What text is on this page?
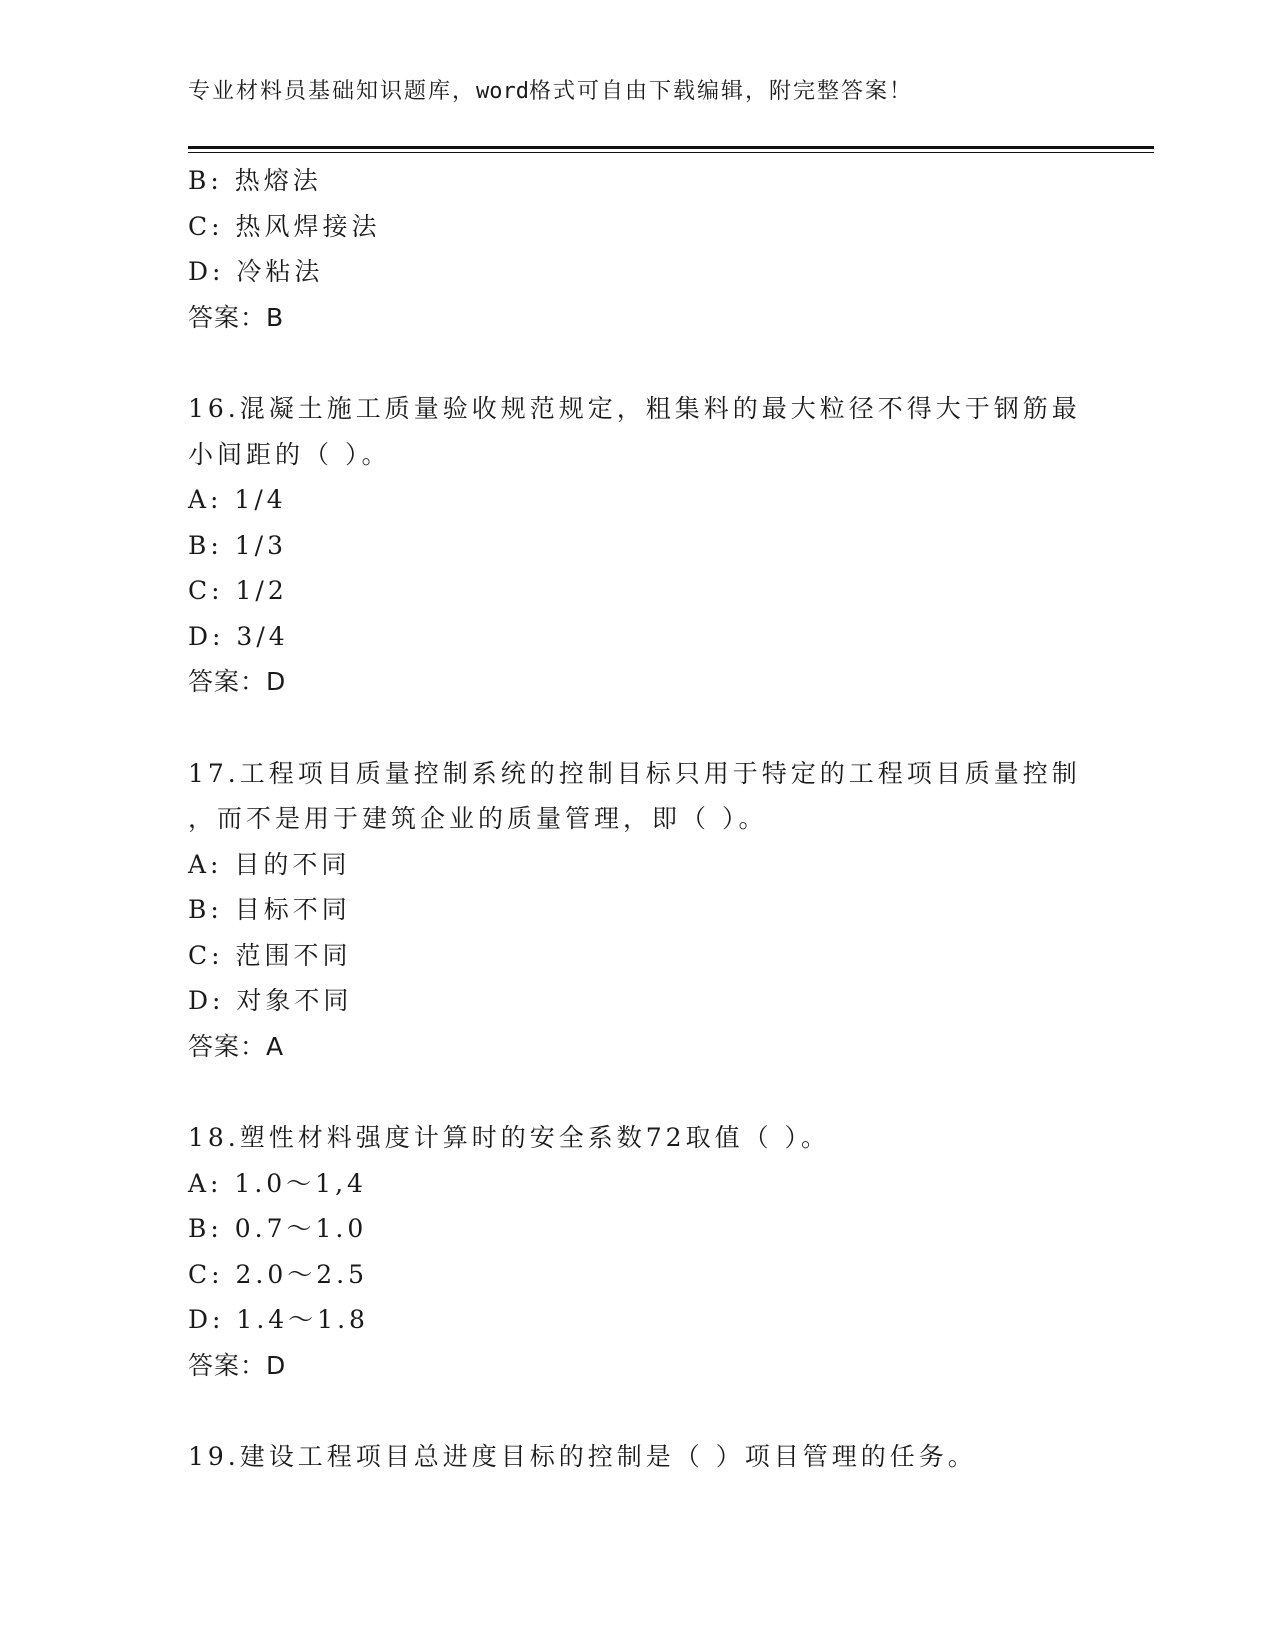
专业材料员基础知识题库，word格式可自由下载编辑，附完整答案！
B: 热熔法
C: 热风焊接法
D: 冷粘法
答案：B
16.混凝土施工质量验收规范规定，粗集料的最大粒径不得大于钢筋最
小间距的（ ）。
A: 1/4
B: 1/3
C: 1/2
D: 3/4
答案：D
17.工程项目质量控制系统的控制目标只用于特定的工程项目质量控制
，而不是用于建筑企业的质量管理，即（ ）。
A: 目的不同
B: 目标不同
C: 范围不同
D: 对象不同
答案：A
18.塑性材料强度计算时的安全系数72取值（ ）。
A: 1.0～1,4
B: 0.7～1.0
C: 2.0～2.5
D: 1.4～1.8
答案：D
19.建设工程项目总进度目标的控制是（ ）项目管理的任务。
